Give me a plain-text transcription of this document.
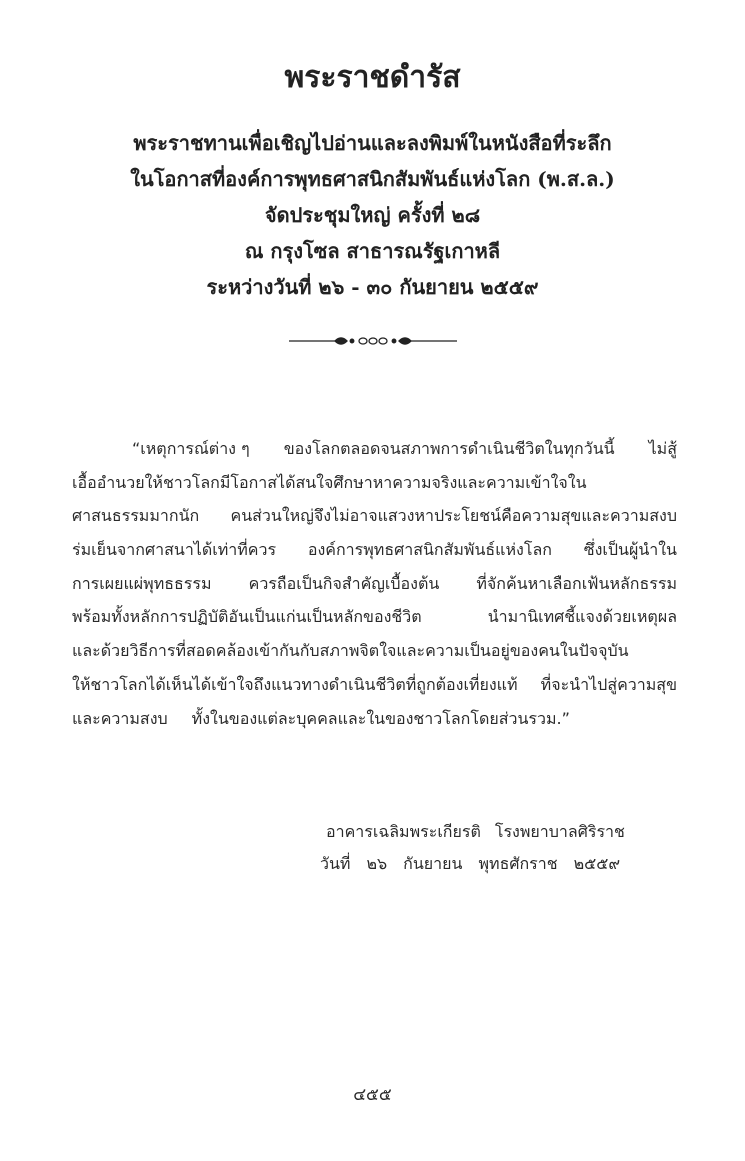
พระราชดำรัส
พระราชทานเพื่อเชิญไปอ่านและลงพิมพ์ในหนังสือที่ระลึก
ในโอกาสที่องค์การพุทธศาสนิกสัมพันธ์แห่งโลก (พ.ส.ล.)
จัดประชุมใหญ่ ครั้งที่ ๒๘
ณ กรุงโซล สาธารณรัฐเกาหลี
ระหว่างวันที่ ๒๖ - ๓๐ กันยายน ๒๕๕๙
“เหตุการณ์ต่าง ๆ ของโลกตลอดจนสภาพการดำเนินชีวิตในทุกวันนี้ ไม่สู้
เอื้ออำนวยให้ชาวโลกมีโอกาสได้สนใจศึกษาหาความจริงและความเข้าใจใน
ศาสนธรรมมากนัก คนส่วนใหญ่จึงไม่อาจแสวงหาประโยชน์คือความสุขและความสงบ
ร่มเย็นจากศาสนาได้เท่าที่ควร องค์การพุทธศาสนิกสัมพันธ์แห่งโลก ซึ่งเป็นผู้นำใน
การเผยแผ่พุทธธรรม ควรถือเป็นกิจสำคัญเบื้องต้น ที่จักค้นหาเลือกเฟ้นหลักธรรม
พร้อมทั้งหลักการปฏิบัติอันเป็นแก่นเป็นหลักของชีวิต	นำมานิเทศชี้แจงด้วยเหตุผล
และด้วยวิธีการที่สอดคล้องเข้ากันกับสภาพจิตใจและความเป็นอยู่ของคนในปัจจุบัน
ให้ชาวโลกได้เห็นได้เข้าใจถึงแนวทางดำเนินชีวิตที่ถูกต้องเที่ยงแท้ ที่จะนำไปสู่ความสุข
และความสงบ ทั้งในของแต่ละบุคคลและในของชาวโลกโดยส่วนรวม.”
อาคารเฉลิมพระเกียรติ โรงพยาบาลศิริราช
วันที่ ๒๖ กันยายน พุทธศักราช ๒๕๕๙
๔๕๕
